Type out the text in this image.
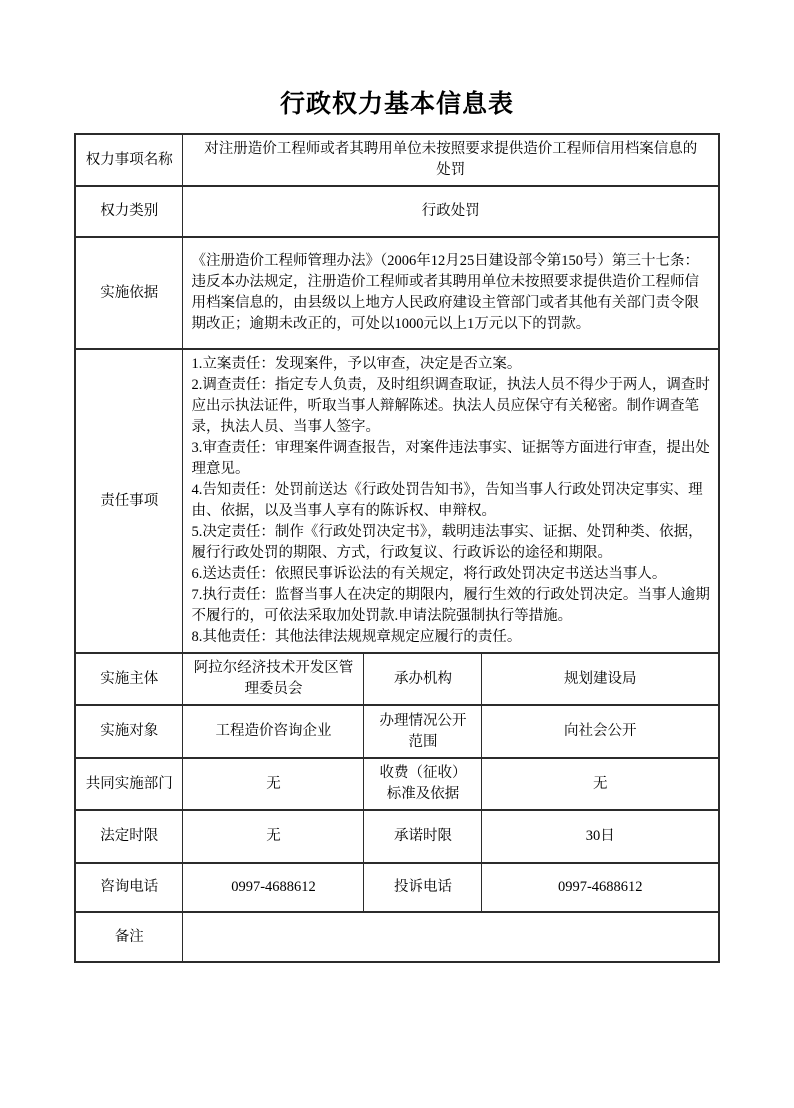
行政权力基本信息表
权力事项名称	对注册造价工程师或者其聘用单位未按照要求提供造价工程师信用档案信息的处罚		
权力类别	行政处罚		
实施依据	《注册造价工程师管理办法》（2006年12月25日建设部令第150号）第三十七条：违反本办法规定，注册造价工程师或者其聘用单位未按照要求提供造价工程师信用档案信息的，由县级以上地方人民政府建设主管部门或者其他有关部门责令限期改正；逾期未改正的，可处以1000元以上1万元以下的罚款。		
责任事项	
1.立案责任：发现案件，予以审查，决定是否立案。
2.调查责任：指定专人负责，及时组织调查取证，执法人员不得少于两人，调查时应出示执法证件，听取当事人辩解陈述。执法人员应保守有关秘密。制作调查笔录，执法人员、当事人签字。
3.审查责任：审理案件调查报告，对案件违法事实、证据等方面进行审查，提出处理意见。
4.告知责任：处罚前送达《行政处罚告知书》，告知当事人行政处罚决定事实、理由、依据，以及当事人享有的陈诉权、申辩权。
5.决定责任：制作《行政处罚决定书》，载明违法事实、证据、处罚种类、依据，履行行政处罚的期限、方式，行政复议、行政诉讼的途径和期限。
6.送达责任：依照民事诉讼法的有关规定，将行政处罚决定书送达当事人。
7.执行责任：监督当事人在决定的期限内，履行生效的行政处罚决定。当事人逾期不履行的，可依法采取加处罚款.申请法院强制执行等措施。
8.其他责任：其他法律法规规章规定应履行的责任。

实施主体	阿拉尔经济技术开发区管理委员会	承办机构	规划建设局
实施对象	工程造价咨询企业	办理情况公开范围	向社会公开
共同实施部门	无	收费（征收）标准及依据	无
法定时限	无	承诺时限	30日
咨询电话	0997-4688612	投诉电话	0997-4688612
备注			
